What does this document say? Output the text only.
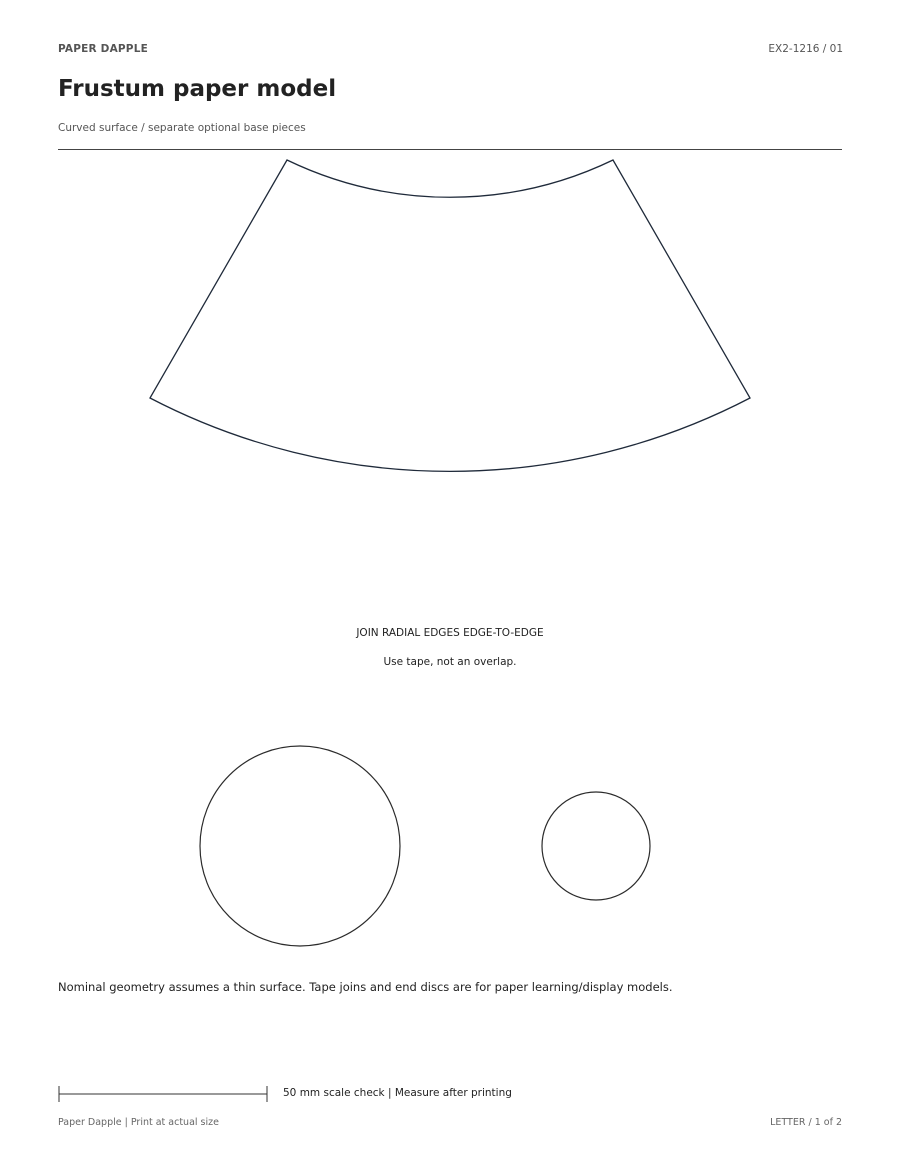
PAPER DAPPLE	EX2-1216 / 01
Frustum paper model
Curved surface / separate optional base pieces
JOIN RADIAL EDGES EDGE-TO-EDGE
Use tape, not an overlap.
Nominal geometry assumes a thin surface. Tape joins and end discs are for paper learning/display models.
50 mm scale check | Measure after printing
Paper Dapple | Print at actual size	LETTER / 1 of 2
